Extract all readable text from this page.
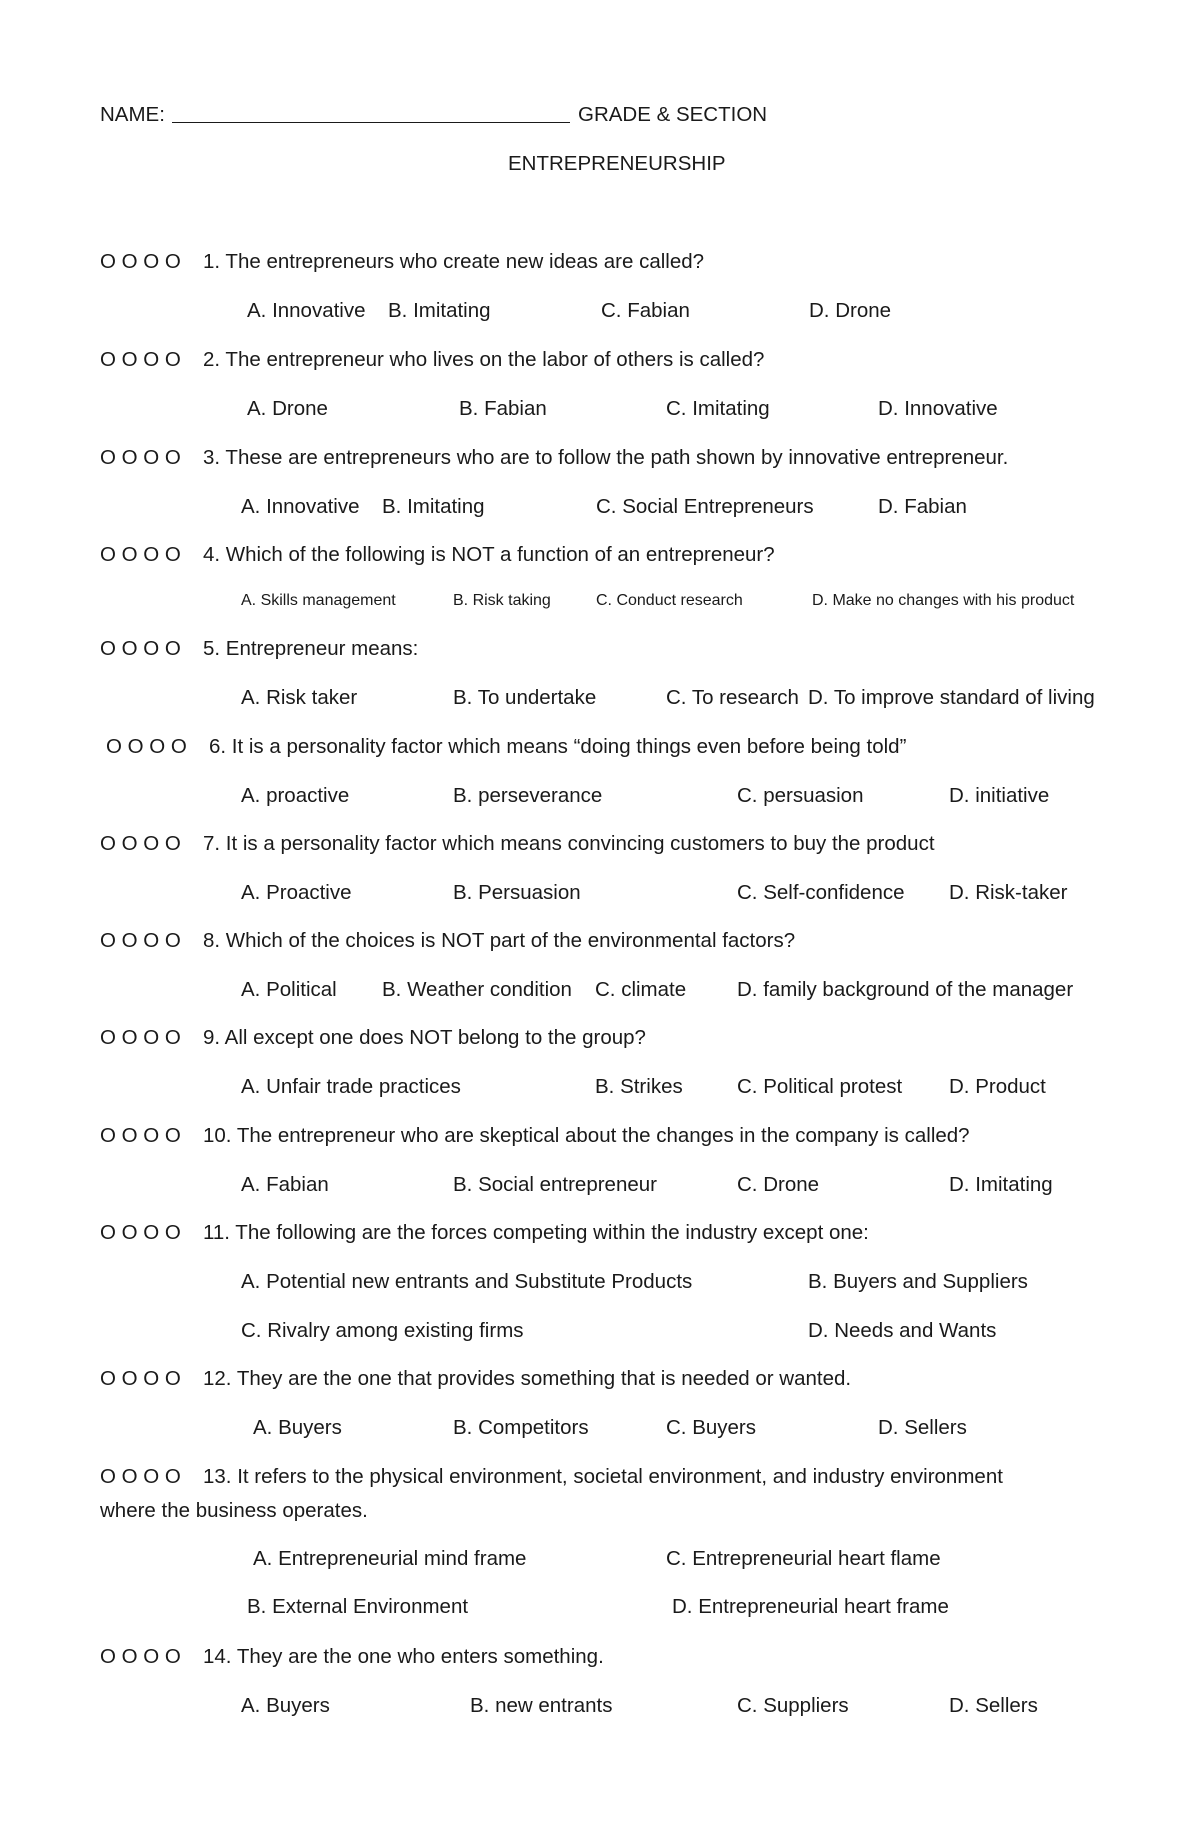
NAME:	GRADE & SECTION
ENTREPRENEURSHIP
O O O O 1. The entrepreneurs who create new ideas are called?
A. Innovative B. Imitating	C. Fabian	D. Drone
O O O O 2. The entrepreneur who lives on the labor of others is called?
A. Drone	B. Fabian	C. Imitating	D. Innovative
O O O O 3. These are entrepreneurs who are to follow the path shown by innovative entrepreneur.
A. Innovative B. Imitating	C. Social Entrepreneurs	D. Fabian
O O O O 4. Which of the following is NOT a function of an entrepreneur?
A. Skills management	B. Risk taking	C. Conduct research	D. Make no changes with his product
O O O O 5. Entrepreneur means:
A. Risk taker	B. To undertake	C. To research D. To improve standard of living
O O O O 6. It is a personality factor which means “doing things even before being told”
A. proactive	B. perseverance	C. persuasion	D. initiative
O O O O 7. It is a personality factor which means convincing customers to buy the product
A. Proactive	B. Persuasion	C. Self-confidence D. Risk-taker
O O O O 8. Which of the choices is NOT part of the environmental factors?
A. Political B. Weather condition C. climate D. family background of the manager
O O O O 9. All except one does NOT belong to the group?
A. Unfair trade practices	B. Strikes	C. Political protest D. Product
O O O O 10. The entrepreneur who are skeptical about the changes in the company is called?
A. Fabian	B. Social entrepreneur	C. Drone	D. Imitating
O O O O 11. The following are the forces competing within the industry except one:
A. Potential new entrants and Substitute Products	B. Buyers and Suppliers
C. Rivalry among existing firms	D. Needs and Wants
O O O O 12. They are the one that provides something that is needed or wanted.
A. Buyers	B. Competitors	C. Buyers	D. Sellers
O O O O 13. It refers to the physical environment, societal environment, and industry environment
where the business operates.
A. Entrepreneurial mind frame	C. Entrepreneurial heart flame
B. External Environment	D. Entrepreneurial heart frame
O O O O 14. They are the one who enters something.
A. Buyers	B. new entrants	C. Suppliers	D. Sellers
